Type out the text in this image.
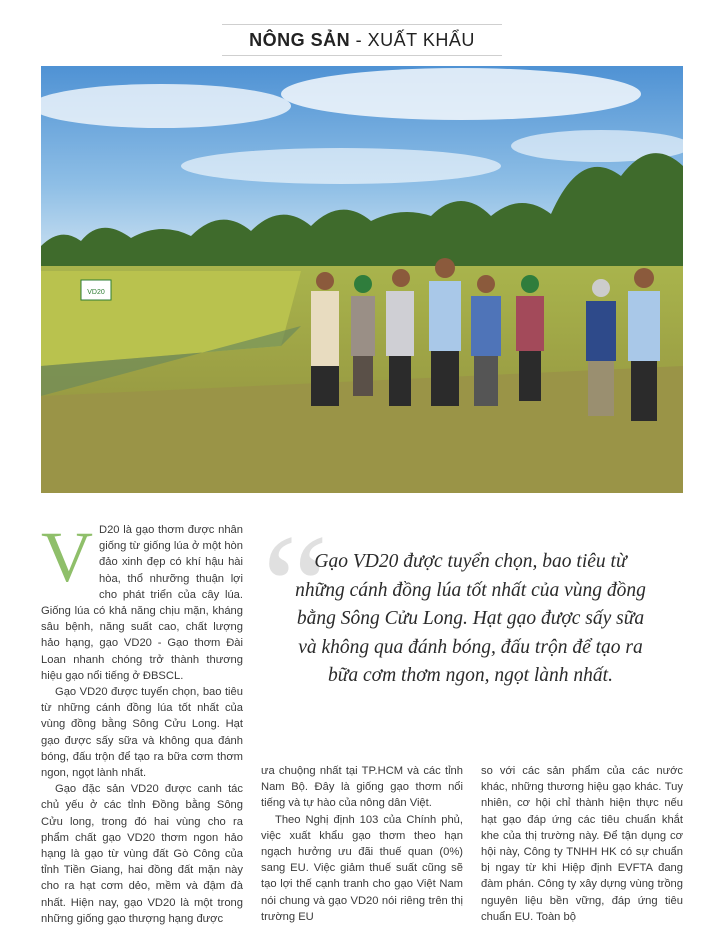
NÔNG SẢN - XUẤT KHẨU
VD20
V D20 là gạo thơm được nhân giống từ giống lúa ở một hòn đảo xinh đẹp có khí hậu hài hòa, thổ nhưỡng thuận lợi cho phát triển của cây lúa. Giống lúa có khả năng chịu mặn, kháng sâu bệnh, năng suất cao, chất lượng hảo hạng, gạo VD20 - Gạo thơm Đài Loan nhanh chóng trở thành thương hiệu gạo nổi tiếng ở ĐBSCL.

Gạo VD20 được tuyển chọn, bao tiêu từ những cánh đồng lúa tốt nhất của vùng đồng bằng Sông Cửu Long. Hạt gạo được sấy sữa và không qua đánh bóng, đấu trộn để tạo ra bữa cơm thơm ngon, ngọt lành nhất.

Gạo đặc sản VD20 được canh tác chủ yếu ở các tỉnh Đồng bằng Sông Cửu long, trong đó hai vùng cho ra phẩm chất gạo VD20 thơm ngon hảo hạng là gạo từ vùng đất Gò Công của tỉnh Tiền Giang, hai đồng đất mặn này cho ra hạt cơm dẻo, mềm và đậm đà nhất. Hiện nay, gạo VD20 là một trong những giống gạo thượng hạng được

“
Gạo VD20 được tuyển chọn, bao tiêu từ những cánh đồng lúa tốt nhất của vùng đồng bằng Sông Cửu Long. Hạt gạo được sấy sữa và không qua đánh bóng, đấu trộn để tạo ra bữa cơm thơm ngon, ngọt lành nhất.

ưa chuộng nhất tại TP.HCM và các tỉnh Nam Bộ. Đây là giống gạo thơm nổi tiếng và tự hào của nông dân Việt.

Theo Nghị định 103 của Chính phủ, việc xuất khẩu gạo thơm theo hạn ngạch hưởng ưu đãi thuế quan (0%) sang EU. Việc giảm thuế suất cũng sẽ tạo lợi thế cạnh tranh cho gạo Việt Nam nói chung và gạo VD20 nói riêng trên thị trường EU

so với các sản phẩm của các nước khác, những thương hiệu gạo khác. Tuy nhiên, cơ hội chỉ thành hiện thực nếu hạt gạo đáp ứng các tiêu chuẩn khắt khe của thị trường này. Để tận dụng cơ hội này, Công ty TNHH HK có sự chuẩn bị ngay từ khi Hiệp định EVFTA đang đàm phán. Công ty xây dựng vùng trồng nguyên liệu bền vững, đáp ứng tiêu chuẩn EU. Toàn bộ
